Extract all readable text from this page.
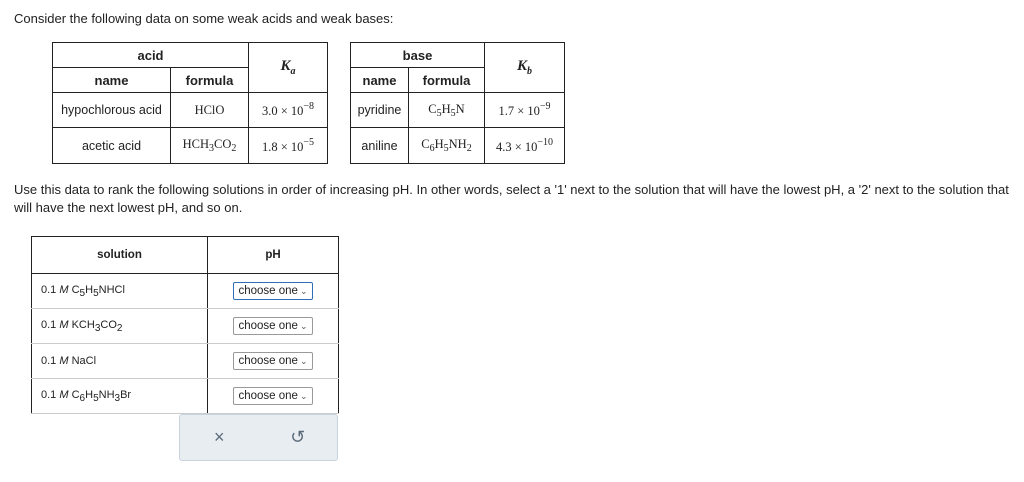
Consider the following data on some weak acids and weak bases:
acid		$K_a$
name	formula	
hypochlorous acid	HClO	$3.0 \times 10^{-8}$
acetic acid	$HCH_3CO_2$	$1.8 \times 10^{-5}$
base		$K_b$
name	formula	
pyridine	$C_5H_5N$	$1.7 \times 10^{-9}$
aniline	$C_6H_5NH_2$	$4.3 \times 10^{-10}$
Use this data to rank the following solutions in order of increasing pH. In other words, select a '1' next to the solution that will have the lowest pH, a '2' next to the solution that will have the next lowest pH, and so on.
solution	pH
0.1 M $C_5H_5NHCl$	choose one ⌄
0.1 M $KCH_3CO_2$	choose one ⌄
0.1 M NaCl	choose one ⌄
0.1 M $C_6H_5NH_3Br$	choose one ⌄
×	↺
